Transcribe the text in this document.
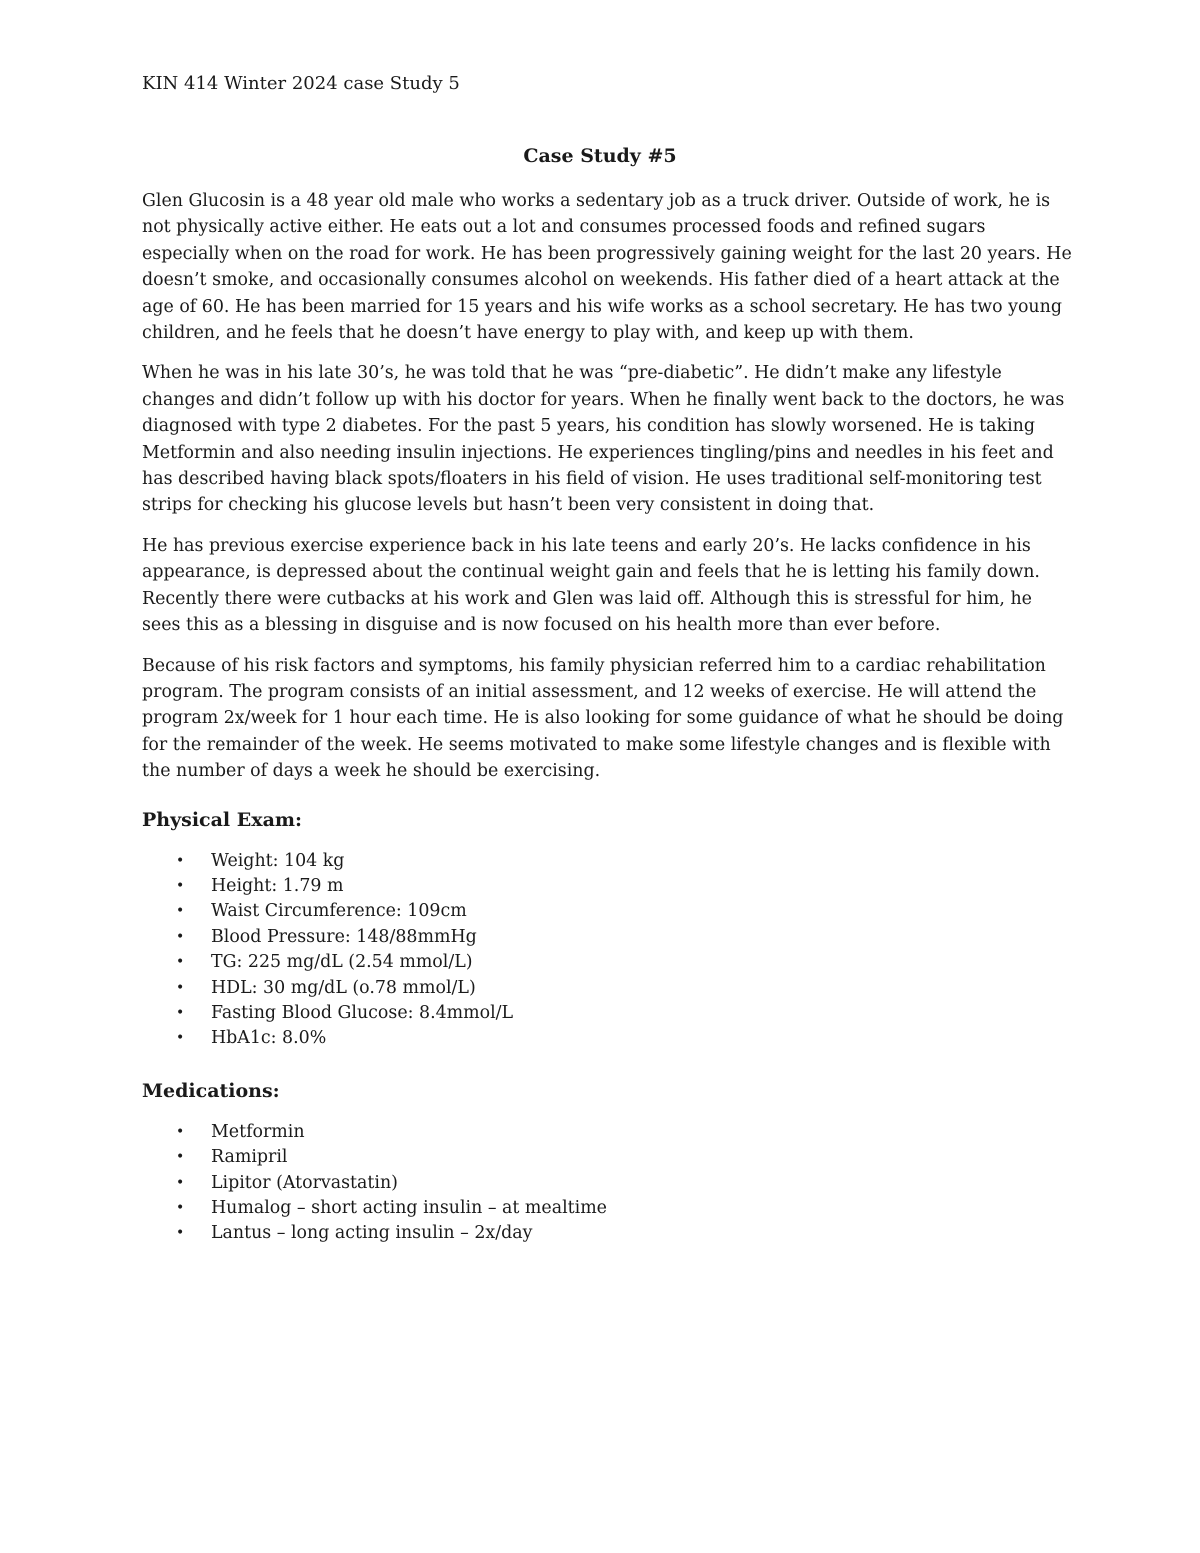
KIN 414 Winter 2024 case Study 5
Case Study #5

Glen Glucosin is a 48 year old male who works a sedentary job as a truck driver. Outside of work, he is not physically active either. He eats out a lot and consumes processed foods and refined sugars especially when on the road for work. He has been progressively gaining weight for the last 20 years. He doesn’t smoke, and occasionally consumes alcohol on weekends. His father died of a heart attack at the age of 60. He has been married for 15 years and his wife works as a school secretary. He has two young children, and he feels that he doesn’t have energy to play with, and keep up with them.

When he was in his late 30’s, he was told that he was “pre-diabetic”. He didn’t make any lifestyle changes and didn’t follow up with his doctor for years. When he finally went back to the doctors, he was diagnosed with type 2 diabetes. For the past 5 years, his condition has slowly worsened. He is taking Metformin and also needing insulin injections. He experiences tingling/pins and needles in his feet and has described having black spots/floaters in his field of vision. He uses traditional self-monitoring test strips for checking his glucose levels but hasn’t been very consistent in doing that.

He has previous exercise experience back in his late teens and early 20’s. He lacks confidence in his appearance, is depressed about the continual weight gain and feels that he is letting his family down. Recently there were cutbacks at his work and Glen was laid off. Although this is stressful for him, he sees this as a blessing in disguise and is now focused on his health more than ever before.

Because of his risk factors and symptoms, his family physician referred him to a cardiac rehabilitation program. The program consists of an initial assessment, and 12 weeks of exercise. He will attend the program 2x/week for 1 hour each time. He is also looking for some guidance of what he should be doing for the remainder of the week. He seems motivated to make some lifestyle changes and is flexible with the number of days a week he should be exercising.

Physical Exam:
• Weight: 104 kg
• Height: 1.79 m
• Waist Circumference: 109cm
• Blood Pressure: 148/88mmHg
• TG: 225 mg/dL (2.54 mmol/L)
• HDL: 30 mg/dL (o.78 mmol/L)
• Fasting Blood Glucose: 8.4mmol/L
• HbA1c: 8.0%
Medications:
• Metformin
• Ramipril
• Lipitor (Atorvastatin)
• Humalog – short acting insulin – at mealtime
• Lantus – long acting insulin – 2x/day
